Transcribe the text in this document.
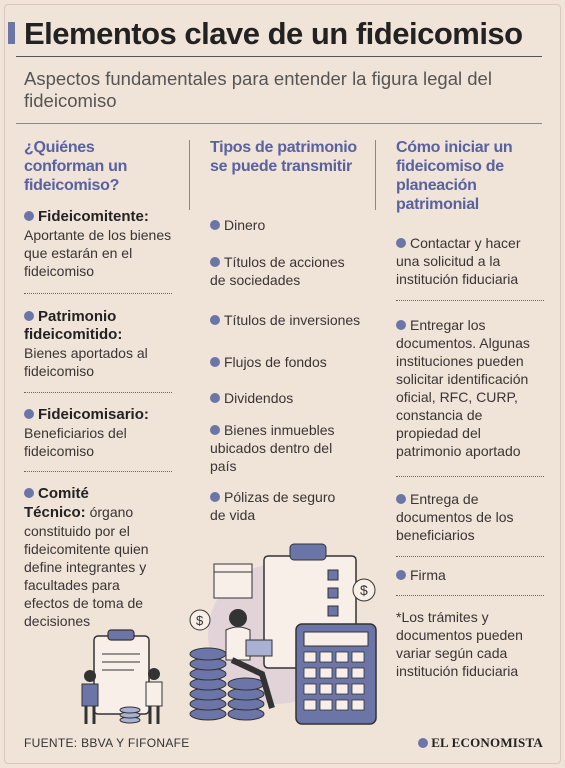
Elementos clave de un fideicomiso

Aspectos fundamentales para entender la figura legal del fideicomiso

¿Quiénes conforman un fideicomiso?
Fideicomitente:
Aportante de los bienes que estarán en el fideicomiso
Patrimonio fideicomitido:
Bienes aportados al fideicomiso
Fideicomisario:
Beneficiarios del fideicomiso
Comité Técnico: órgano constituido por el fideicomitente quien define integrantes y facultades para efectos de toma de decisiones
Tipos de patrimonio se puede transmitir
Dinero
Títulos de acciones de sociedades
Títulos de inversiones
Flujos de fondos
Dividendos
Bienes inmuebles ubicados dentro del país
Pólizas de seguro de vida
Cómo iniciar un fideicomiso de planeación patrimonial
Contactar y hacer una solicitud a la institución fiduciaria
Entregar los documentos. Algunas instituciones pueden solicitar identificación oficial, RFC, CURP, constancia de propiedad del patrimonio aportado
Entrega de documentos de los beneficiarios
Firma
*Los trámites y documentos pueden variar según cada institución fiduciaria
$
$
FUENTE: BBVA Y FIFONAFE	EL ECONOMISTA
